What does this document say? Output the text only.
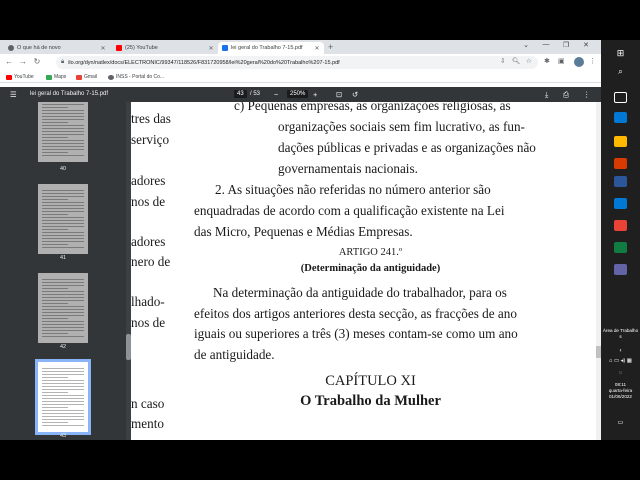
O que há de novo	✕	(25) YouTube	✕	lei geral do Trabalho 7-15.pdf	✕ +	⌄	—	❐	✕
← → ↻	🔒︎ ilo.org/dyn/natlex/docs/ELECTRONIC/99347/118526/F831720958/lei%20geral%20do%20Trabalho%207-15.pdf	⇩ 🔍︎ ☆ ✱ ▣	⋮
YouTube	Maps	Gmail	INSS - Portal do Co...
☰ lei geral do Trabalho 7-15.pdf	43	/ 53 −	250%	+ ⊡ ↺	⤓ ⎙ ⋮
40
41
42
43
tres das
serviço
adores
nos de
adores
nero de
lhado-
nos de
n caso
mento
c) Pequenas empresas, as organizações religiosas, as
organizações sociais sem fim lucrativo, as fun-
dações públicas e privadas e as organizações não
governamentais nacionais.
2. As situações não referidas no número anterior são
enquadradas de acordo com a qualificação existente na Lei
das Micro, Pequenas e Médias Empresas.
ARTIGO 241.º
(Determinação da antiguidade)
Na determinação da antiguidade do trabalhador, para os
efeitos dos artigos anteriores desta secção, as fracções de ano
iguais ou superiores a três (3) meses contam-se como um ano
de antiguidade.
CAPÍTULO XI
O Trabalho da Mulher
⊞
⌕
Área de Trabalho
s
‹
⌂ ▭ ◂) ▦
◌
08:11
quarta-feira
01/06/2022
▭
